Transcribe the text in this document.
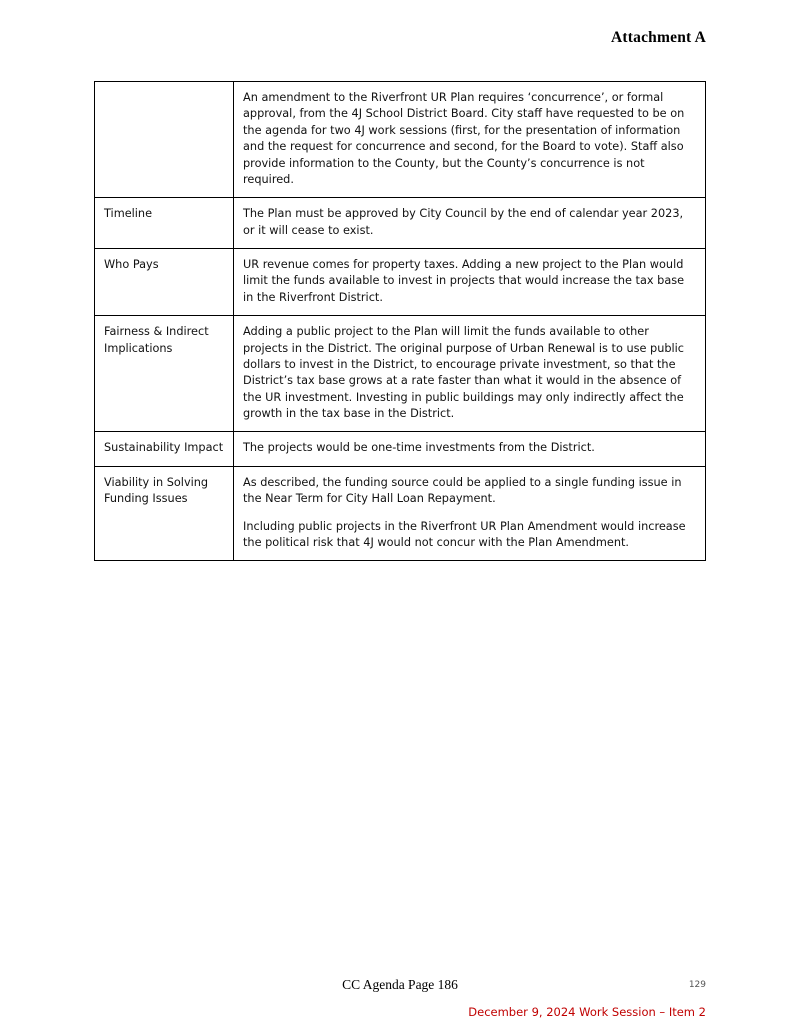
Attachment A

	An amendment to the Riverfront UR Plan requires ‘concurrence’, or formal approval, from the 4J School District Board. City staff have requested to be on the agenda for two 4J work sessions (first, for the presentation of information and the request for concurrence and second, for the Board to vote). Staff also provide information to the County, but the County’s concurrence is not required.

Timeline	The Plan must be approved by City Council by the end of calendar year 2023, or it will cease to exist.

Who Pays	UR revenue comes for property taxes. Adding a new project to the Plan would limit the funds available to invest in projects that would increase the tax base in the Riverfront District.

Fairness & Indirect Implications	Adding a public project to the Plan will limit the funds available to other projects in the District. The original purpose of Urban Renewal is to use public dollars to invest in the District, to encourage private investment, so that the District’s tax base grows at a rate faster than what it would in the absence of the UR investment. Investing in public buildings may only indirectly affect the growth in the tax base in the District.

Sustainability Impact	The projects would be one-time investments from the District.

Viability in Solving Funding Issues	As described, the funding source could be applied to a single funding issue in the Near Term for City Hall Loan Repayment.

Including public projects in the Riverfront UR Plan Amendment would increase the political risk that 4J would not concur with the Plan Amendment.

CC Agenda Page 186	129
December 9, 2024 Work Session – Item 2
